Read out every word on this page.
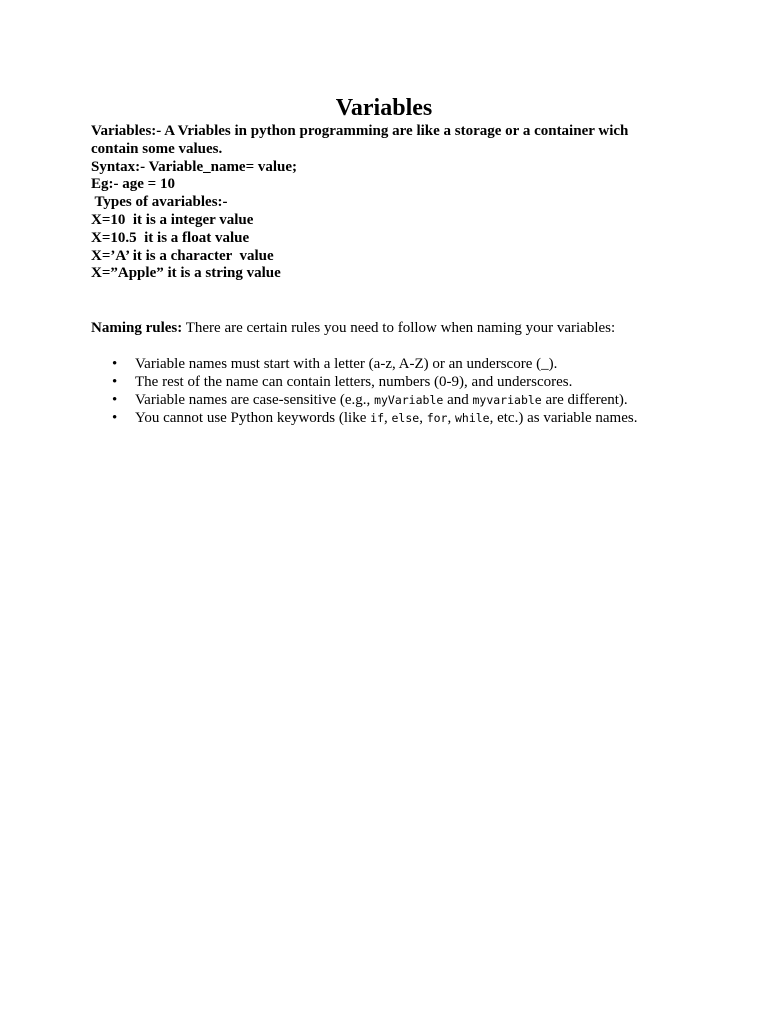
Variables
Variables:- A Vriables in python programming are like a storage or a container wich
contain some values.
Syntax:- Variable_name= value;
Eg:- age = 10
Types of avariables:-
X=10  it is a integer value
X=10.5  it is a float value
X=’A’ it is a character  value
X=”Apple” it is a string value
Naming rules: There are certain rules you need to follow when naming your variables:
• Variable names must start with a letter (a-z, A-Z) or an underscore (_).
• The rest of the name can contain letters, numbers (0-9), and underscores.
• Variable names are case-sensitive (e.g., myVariable and myvariable are different).
• You cannot use Python keywords (like if, else, for, while, etc.) as variable names.
